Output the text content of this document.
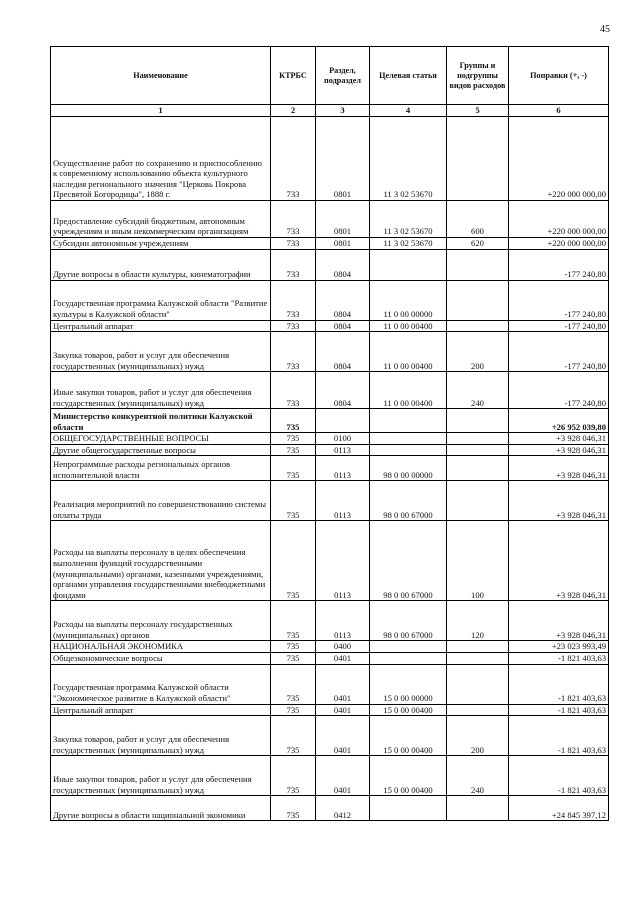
45
Наименование	КТРБС	Раздел, подраздел	Целевая статья	Группы и подгруппы видов расходов	Поправки (+, -)
1	2	3	4	5	6
Осуществление работ по сохранению и приспособлению к современному использованию объекта культурного наследия регионального значения "Церковь Покрова Пресвятой Богородицы", 1888 г.	733	0801	11 3 02 53670		+220 000 000,00
Предоставление субсидий бюджетным, автономным учреждениям и иным некоммерческим организациям	733	0801	11 3 02 53670	600	+220 000 000,00
Субсидии автономным учреждениям	733	0801	11 3 02 53670	620	+220 000 000,00
Другие вопросы в области культуры, кинематографии	733	0804			-177 240,80
Государственная программа Калужской области "Развитие культуры в Калужской области"	733	0804	11 0 00 00000		-177 240,80
Центральный аппарат	733	0804	11 0 00 00400		-177 240,80
Закупка товаров, работ и услуг для обеспечения государственных (муниципальных) нужд	733	0804	11 0 00 00400	200	-177 240,80
Иные закупки товаров, работ и услуг для обеспечения государственных (муниципальных) нужд	733	0804	11 0 00 00400	240	-177 240,80
Министерство конкурентной политики Калужской области	735				+26 952 039,80
ОБЩЕГОСУДАРСТВЕННЫЕ ВОПРОСЫ	735	0100			+3 928 046,31
Другие общегосударственные вопросы	735	0113			+3 928 046,31
Непрограммные расходы региональных органов исполнительной власти	735	0113	98 0 00 00000		+3 928 046,31
Реализация мероприятий по совершенствованию системы оплаты труда	735	0113	98 0 00 67000		+3 928 046,31
Расходы на выплаты персоналу в целях обеспечения выполнения функций государственными (муниципальными) органами, казенными учреждениями, органами управления государственными внебюджетными фондами	735	0113	98 0 00 67000	100	+3 928 046,31
Расходы на выплаты персоналу государственных (муниципальных) органов	735	0113	98 0 00 67000	120	+3 928 046,31
НАЦИОНАЛЬНАЯ ЭКОНОМИКА	735	0400			+23 023 993,49
Общеэкономические вопросы	735	0401			-1 821 403,63
Государственная программа Калужской области "Экономическое развитие в Калужской области"	735	0401	15 0 00 00000		-1 821 403,63
Центральный аппарат	735	0401	15 0 00 00400		-1 821 403,63
Закупка товаров, работ и услуг для обеспечения государственных (муниципальных) нужд	735	0401	15 0 00 00400	200	-1 821 403,63
Иные закупки товаров, работ и услуг для обеспечения государственных (муниципальных) нужд	735	0401	15 0 00 00400	240	-1 821 403,63
Другие вопросы в области национальной экономики	735	0412			+24 845 397,12
